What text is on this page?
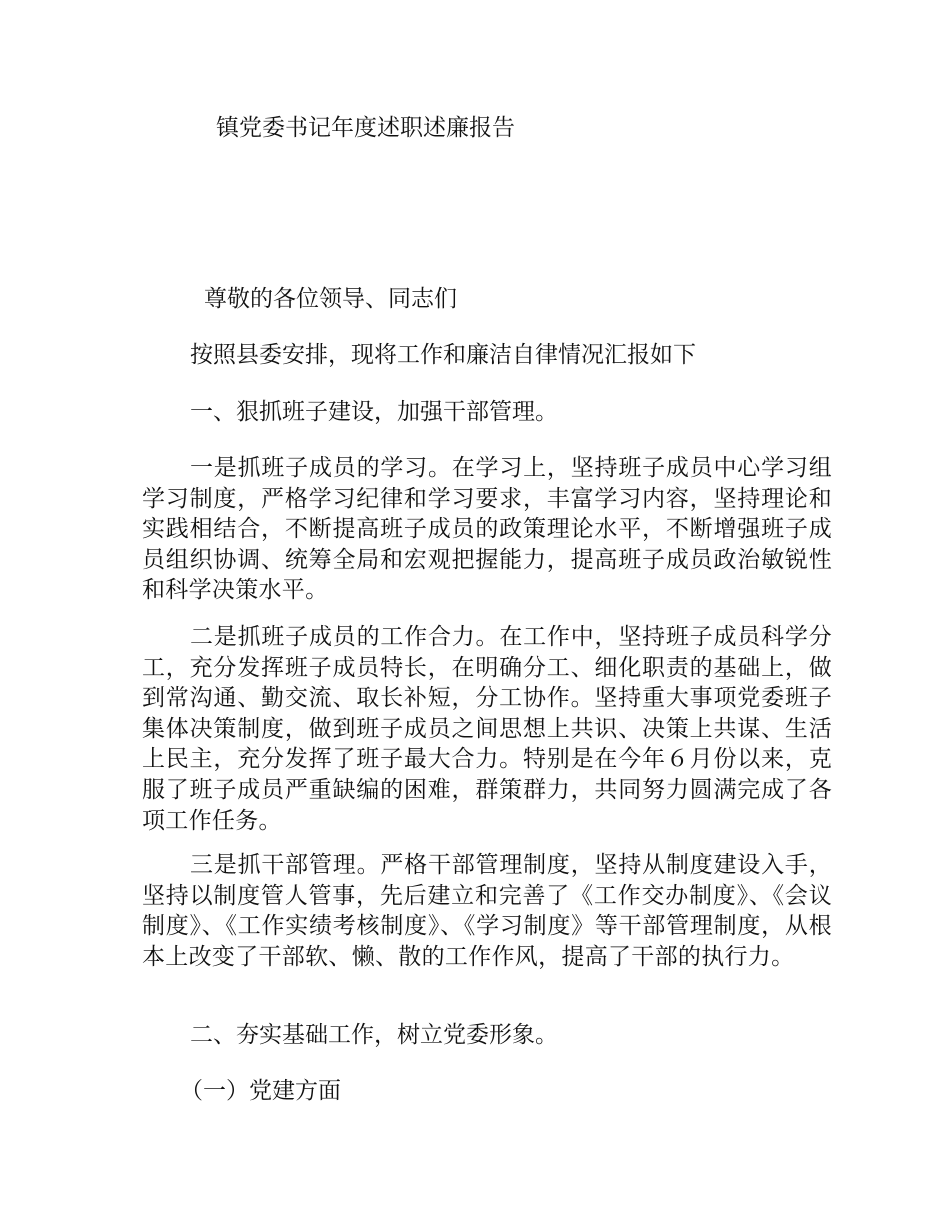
镇党委书记年度述职述廉报告
尊敬的各位领导、同志们
按照县委安排，现将工作和廉洁自律情况汇报如下
一、狠抓班子建设，加强干部管理。
一是抓班子成员的学习。在学习上，坚持班子成员中心学习组学习制度，严格学习纪律和学习要求，丰富学习内容，坚持理论和实践相结合，不断提高班子成员的政策理论水平，不断增强班子成员组织协调、统筹全局和宏观把握能力，提高班子成员政治敏锐性和科学决策水平。
二是抓班子成员的工作合力。在工作中，坚持班子成员科学分工，充分发挥班子成员特长，在明确分工、细化职责的基础上，做到常沟通、勤交流、取长补短，分工协作。坚持重大事项党委班子集体决策制度，做到班子成员之间思想上共识、决策上共谋、生活上民主，充分发挥了班子最大合力。特别是在今年６月份以来，克服了班子成员严重缺编的困难，群策群力，共同努力圆满完成了各项工作任务。
三是抓干部管理。严格干部管理制度，坚持从制度建设入手，坚持以制度管人管事，先后建立和完善了《工作交办制度》、《会议制度》、《工作实绩考核制度》、《学习制度》等干部管理制度，从根本上改变了干部软、懒、散的工作作风，提高了干部的执行力。
二、夯实基础工作，树立党委形象。
（一）党建方面
